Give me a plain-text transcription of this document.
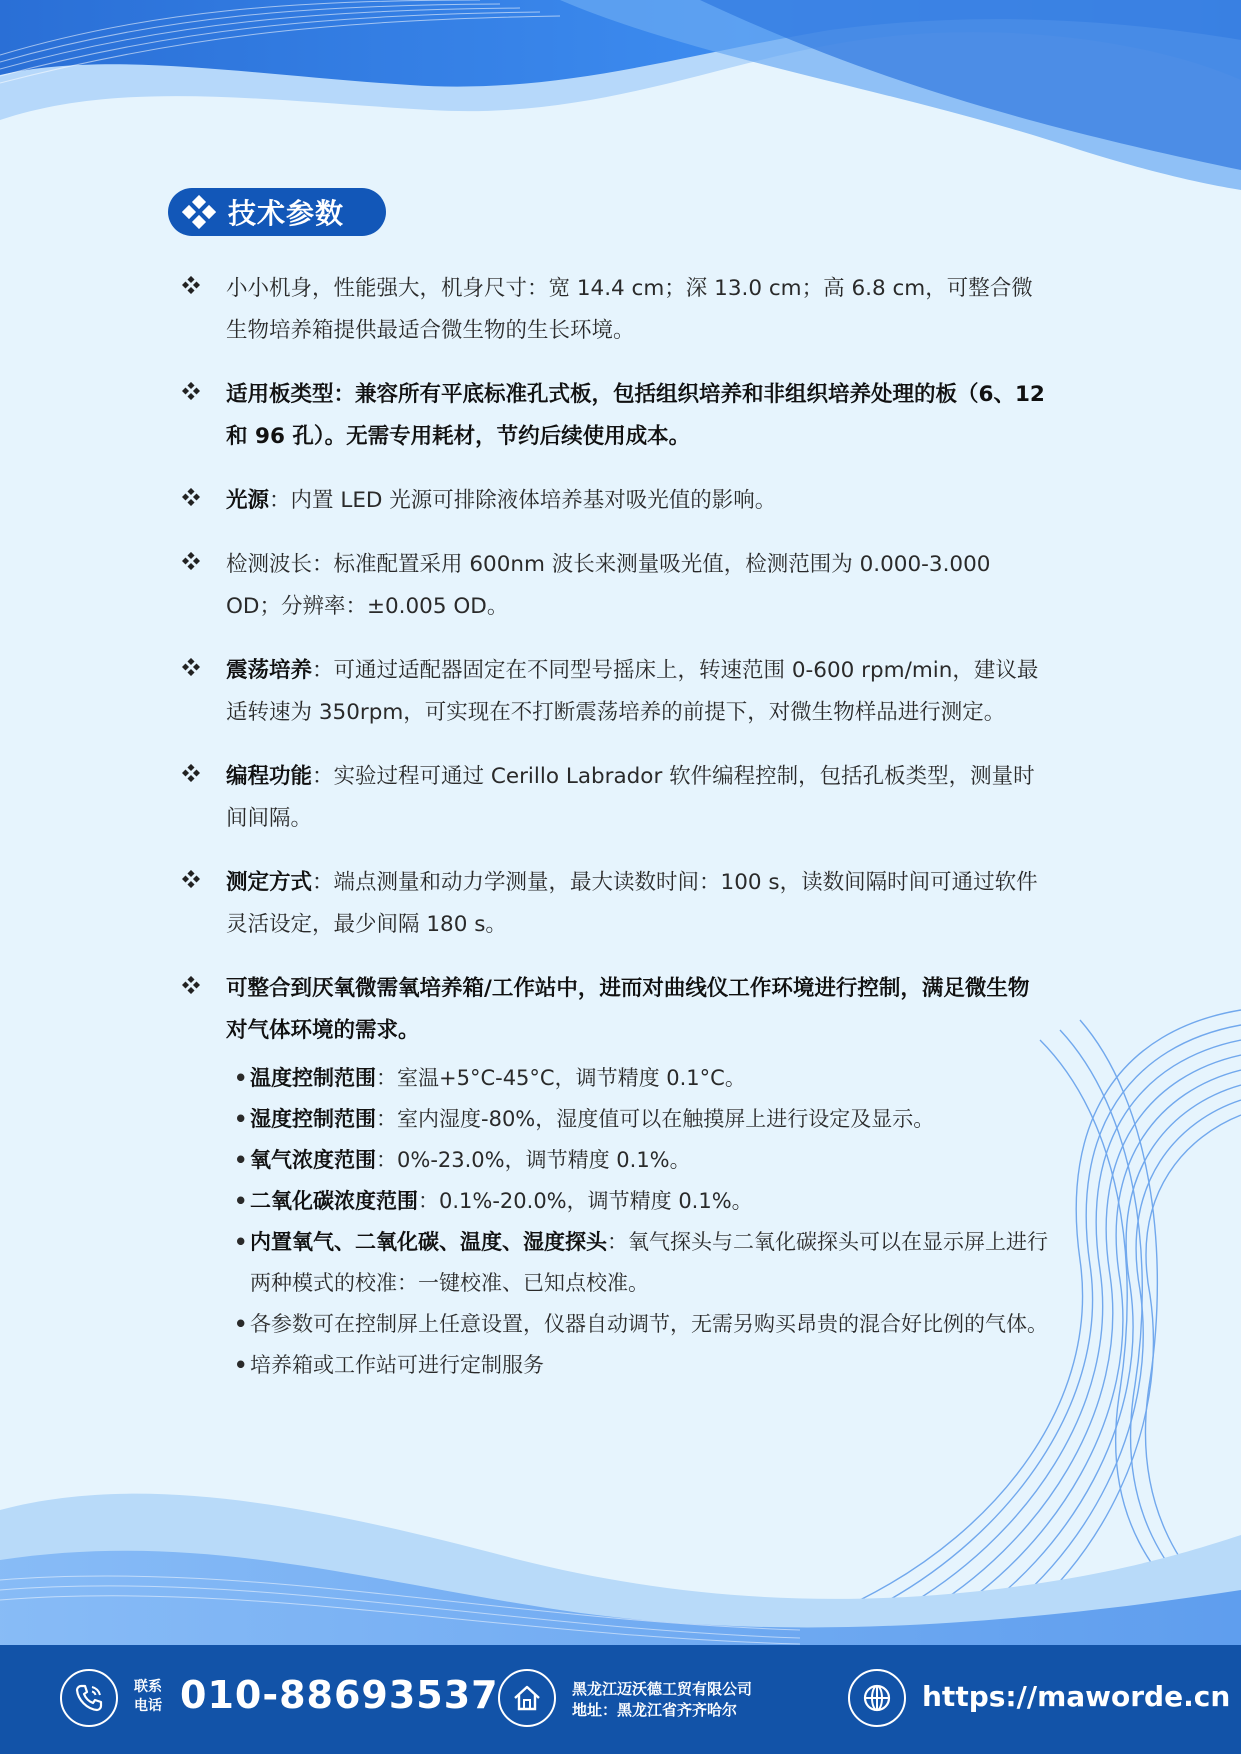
技术参数
小小机身，性能强大，机身尺寸：宽 14.4 cm；深 13.0 cm；高 6.8 cm，可整合微生物培养箱提供最适合微生物的生长环境。
适用板类型：兼容所有平底标准孔式板，包括组织培养和非组织培养处理的板（6、12 和 96 孔）。无需专用耗材，节约后续使用成本。
光源：内置 LED 光源可排除液体培养基对吸光值的影响。
检测波长：标准配置采用 600nm 波长来测量吸光值，检测范围为 0.000-3.000 OD；分辨率：±0.005 OD。
震荡培养：可通过适配器固定在不同型号摇床上，转速范围 0-600 rpm/min，建议最适转速为 350rpm，可实现在不打断震荡培养的前提下，对微生物样品进行测定。
编程功能：实验过程可通过 Cerillo Labrador 软件编程控制，包括孔板类型，测量时间间隔。
测定方式：端点测量和动力学测量，最大读数时间：100 s，读数间隔时间可通过软件灵活设定，最少间隔 180 s。
可整合到厌氧微需氧培养箱/工作站中，进而对曲线仪工作环境进行控制，满足微生物对气体环境的需求。
• 温度控制范围：室温+5°C-45°C，调节精度 0.1°C。
• 湿度控制范围：室内湿度-80%，湿度值可以在触摸屏上进行设定及显示。
• 氧气浓度范围：0%-23.0%，调节精度 0.1%。
• 二氧化碳浓度范围：0.1%-20.0%，调节精度 0.1%。
• 内置氧气、二氧化碳、温度、湿度探头：氧气探头与二氧化碳探头可以在显示屏上进行两种模式的校准：一键校准、已知点校准。
• 各参数可在控制屏上任意设置，仪器自动调节，无需另购买昂贵的混合好比例的气体。
• 培养箱或工作站可进行定制服务
联系
电话 010-88693537	黑龙江迈沃德工贸有限公司
地址：黑龙江省齐齐哈尔	https://maworde.cn
